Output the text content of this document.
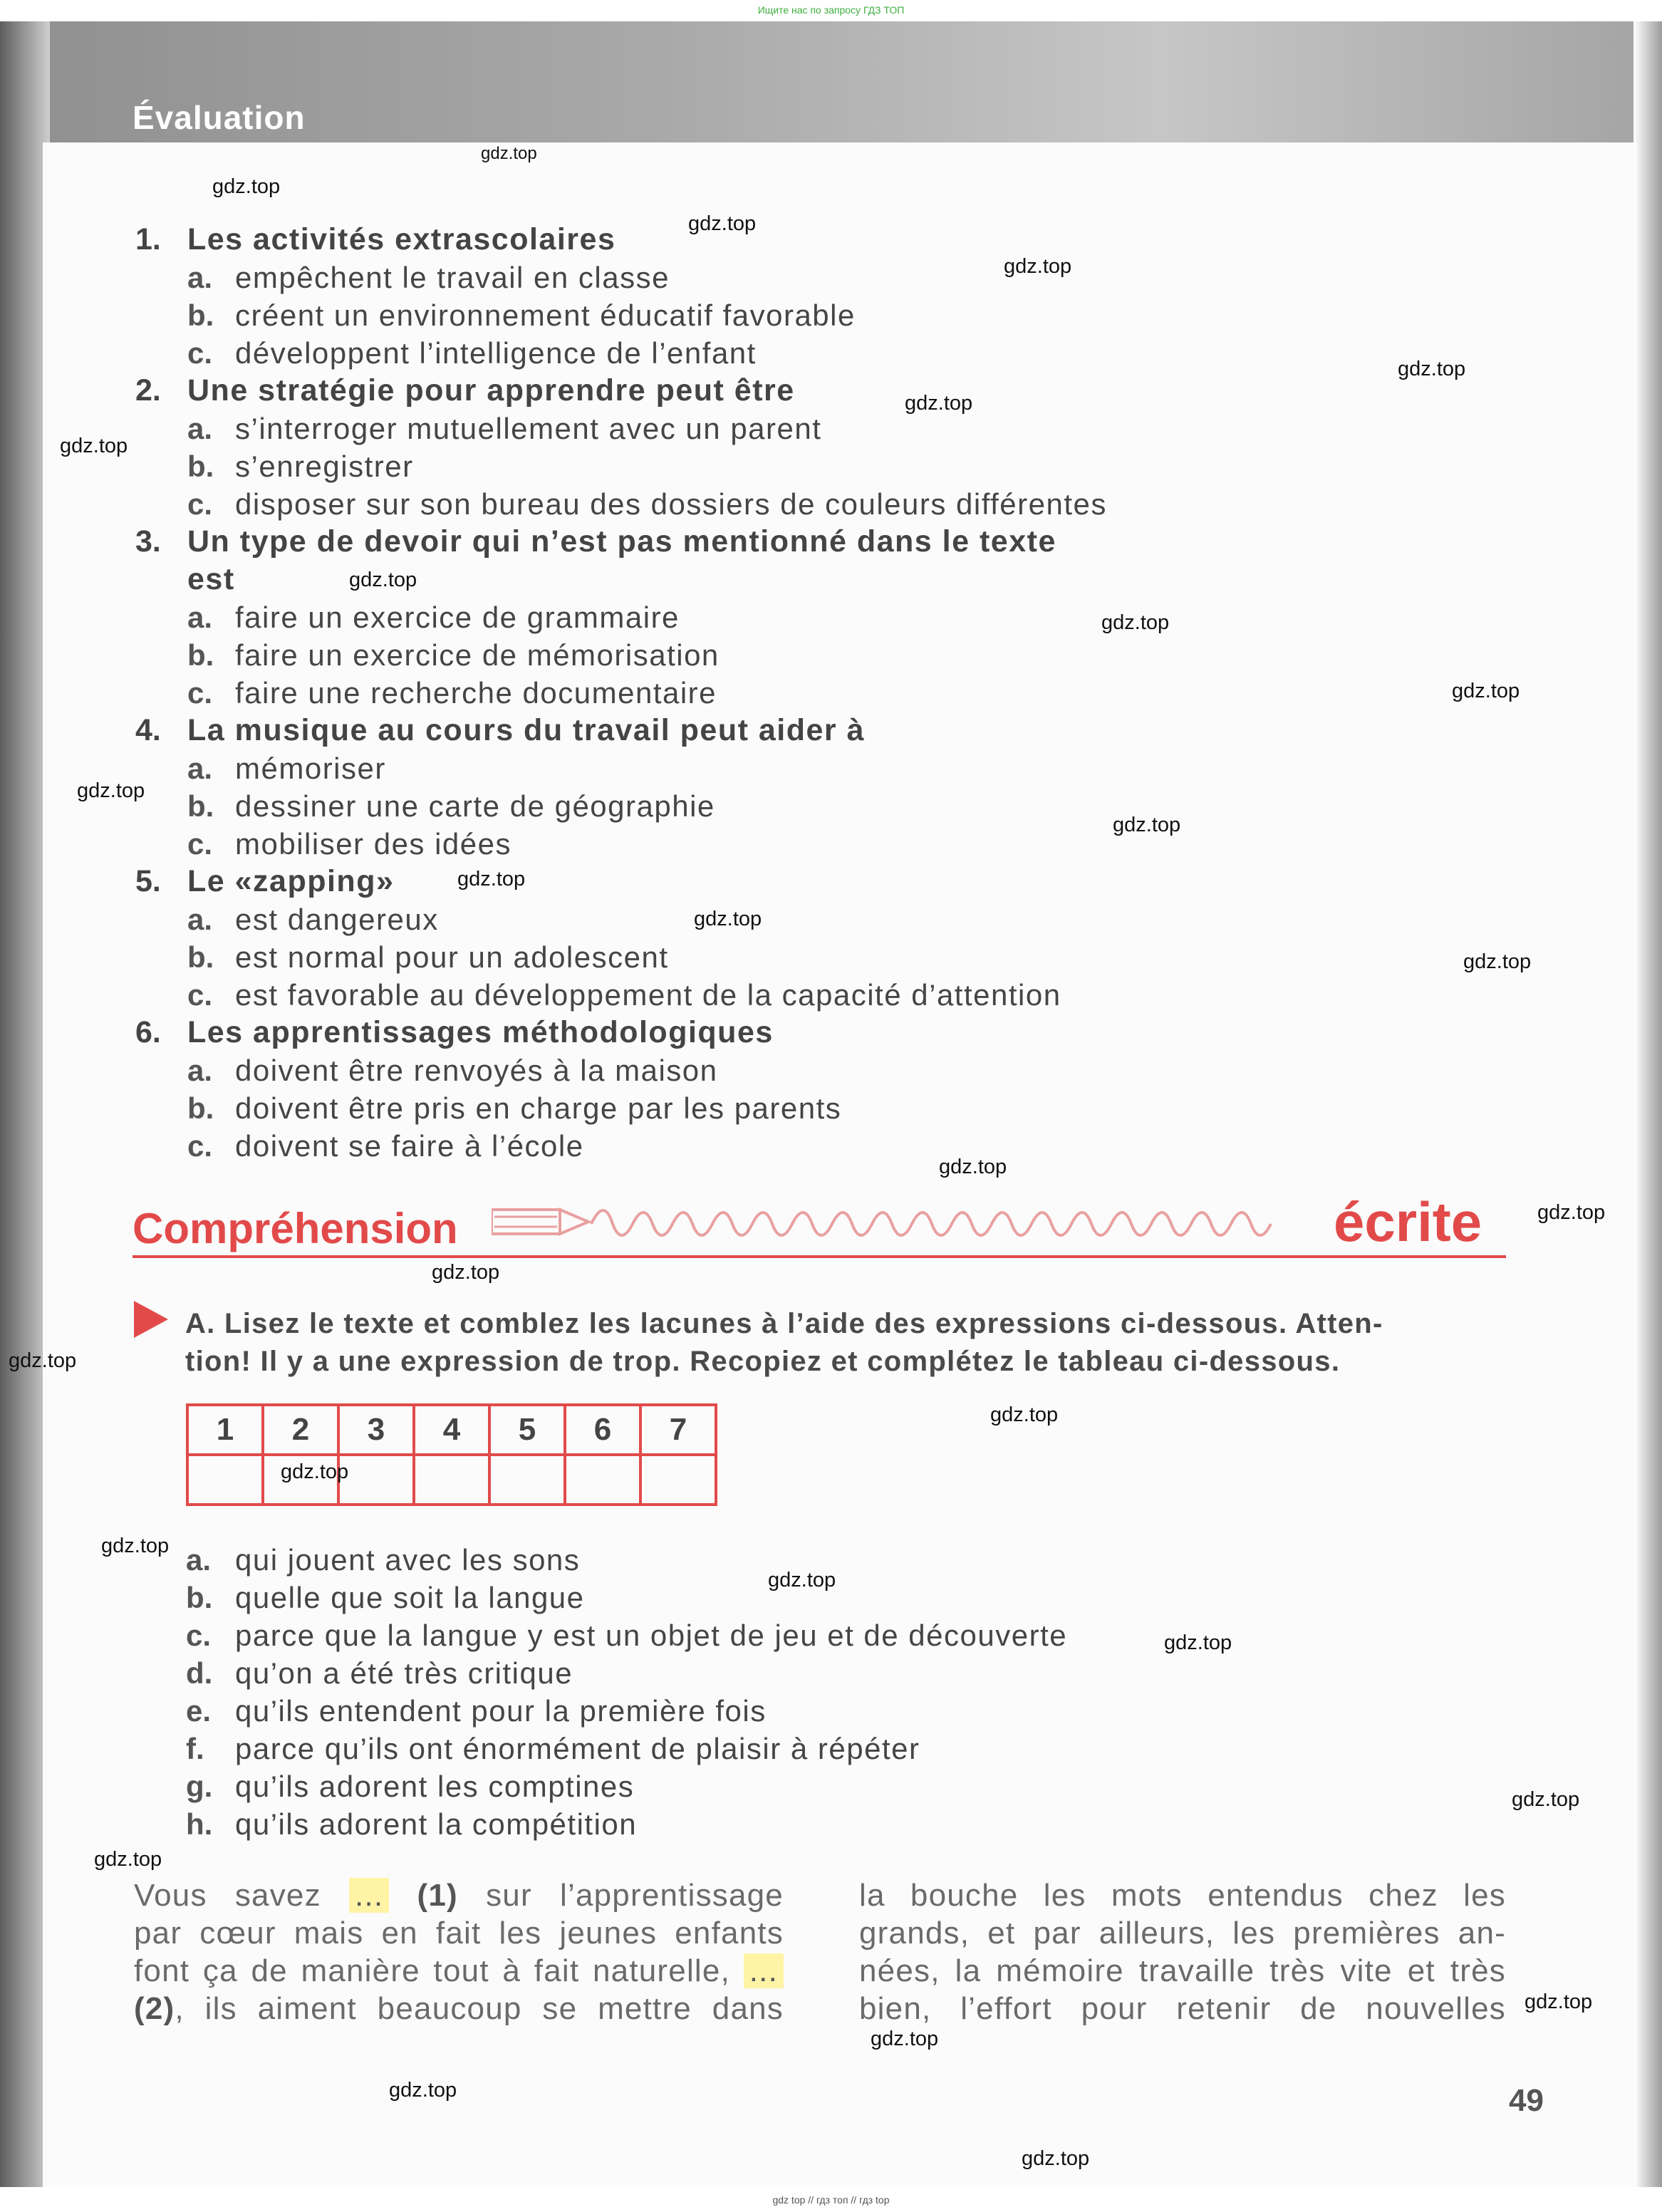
Ищите нас по запросу ГДЗ ТОП
Évaluation
1. Les activités extrascolaires
a. empêchent le travail en classe
b. créent un environnement éducatif favorable
c. développent l’intelligence de l’enfant
2. Une stratégie pour apprendre peut être
a. s’interroger mutuellement avec un parent
b. s’enregistrer
c. disposer sur son bureau des dossiers de couleurs différentes
3. Un type de devoir qui n’est pas mentionné dans le texte
est
a. faire un exercice de grammaire
b. faire un exercice de mémorisation
c. faire une recherche documentaire
4. La musique au cours du travail peut aider à
a. mémoriser
b. dessiner une carte de géographie
c. mobiliser des idées
5. Le «zapping»
a. est dangereux
b. est normal pour un adolescent
c. est favorable au développement de la capacité d’attention
6. Les apprentissages méthodologiques
a. doivent être renvoyés à la maison
b. doivent être pris en charge par les parents
c. doivent se faire à l’école
Compréhension	écrite
A. Lisez le texte et comblez les lacunes à l’aide des expressions ci-dessous. Atten-
tion! Il y a une expression de trop. Recopiez et complétez le tableau ci-dessous.
1	2	3	4	5	6	7

a. qui jouent avec les sons
b. quelle que soit la langue
c. parce que la langue y est un objet de jeu et de découverte
d. qu’on a été très critique
e. qu’ils entendent pour la première fois
f. parce qu’ils ont énormément de plaisir à répéter
g. qu’ils adorent les comptines
h. qu’ils adorent la compétition
Vous savez ... (1) sur l’apprentissage
par cœur mais en fait les jeunes enfants
font ça de manière tout à fait naturelle, ...
(2), ils aiment beaucoup se mettre dans
la bouche les mots entendus chez les
grands, et par ailleurs, les premières an-
nées, la mémoire travaille très vite et très
bien, l’effort pour retenir de nouvelles
49
gdz.top
gdz.top
gdz.top
gdz.top
gdz.top
gdz.top
gdz.top
gdz.top
gdz.top
gdz.top
gdz.top
gdz.top
gdz.top
gdz.top
gdz.top
gdz.top
gdz.top
gdz.top
gdz.top
gdz.top
gdz.top
gdz.top
gdz.top
gdz.top
gdz.top
gdz.top
gdz.top
gdz.top
gdz.top
gdz.top
gdz top // гдз топ // гдз top
